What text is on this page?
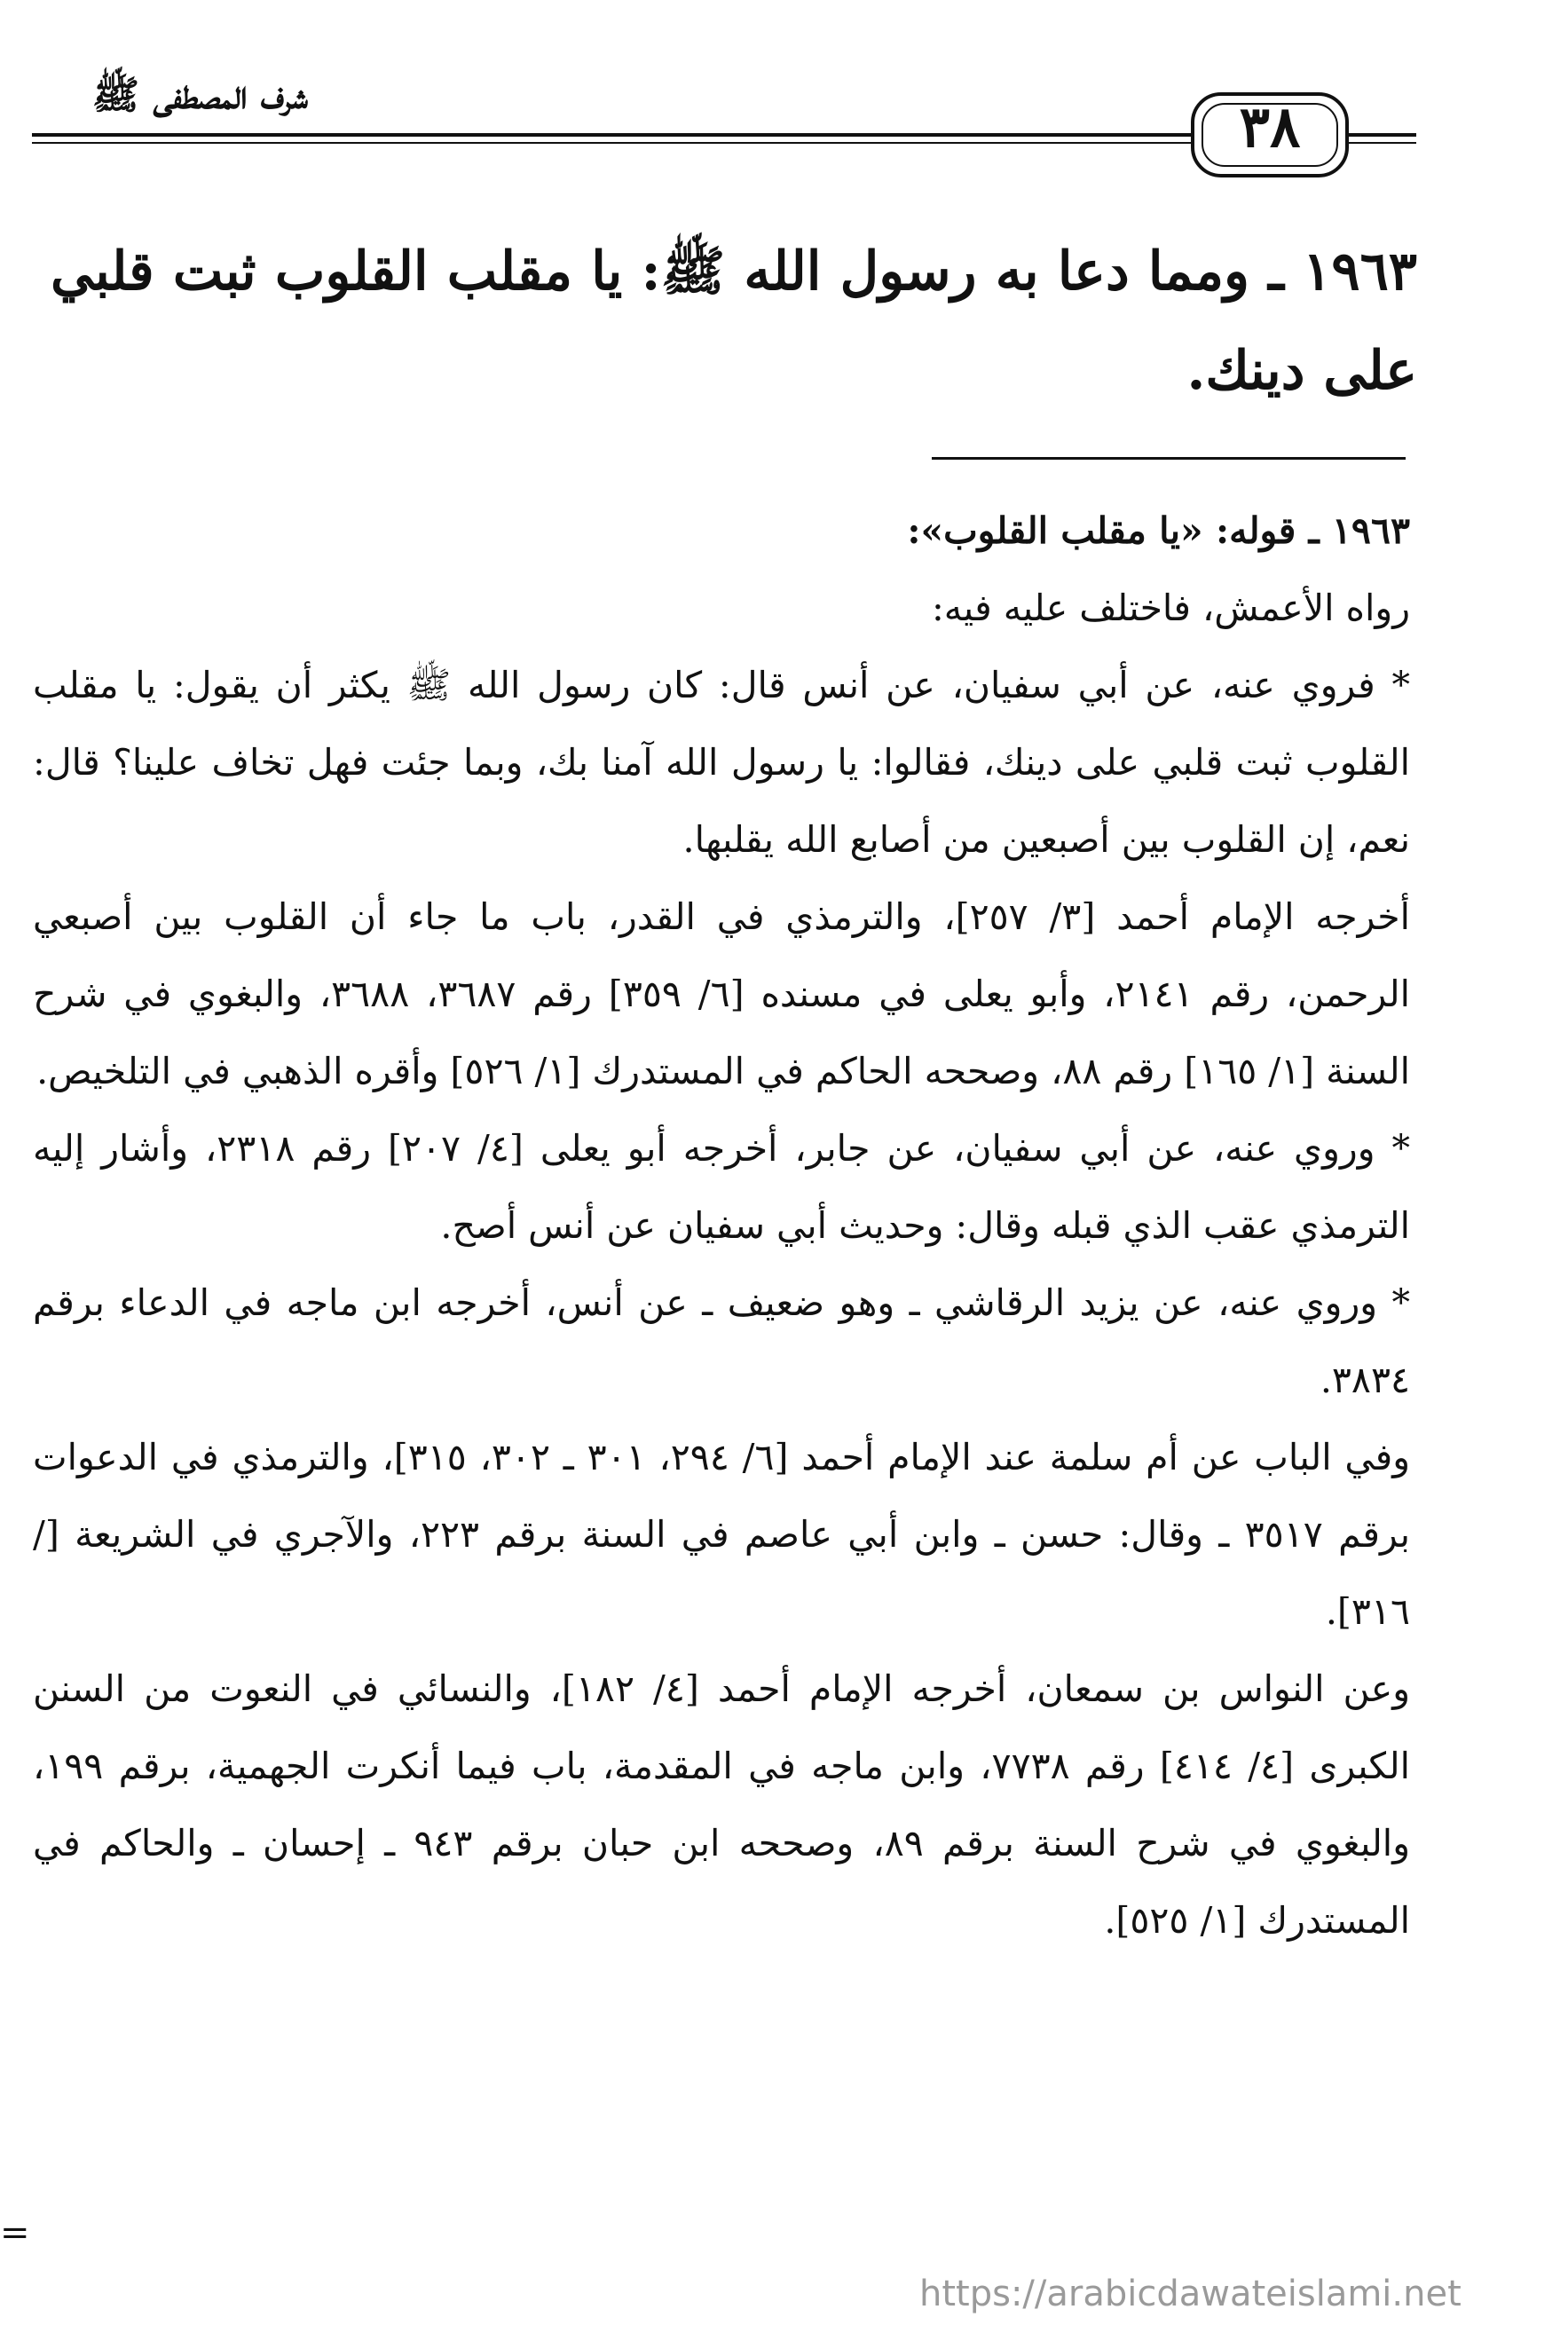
شرف المصطفى ﷺ	٣٨
١٩٦٣ ـ ومما دعا به رسول الله ﷺ: يا مقلب القلوب ثبت قلبي على دينك.

١٩٦٣ ـ قوله: «يا مقلب القلوب»:

رواه الأعمش، فاختلف عليه فيه:

* فروي عنه، عن أبي سفيان، عن أنس قال: كان رسول الله ﷺ يكثر أن يقول: يا مقلب القلوب ثبت قلبي على دينك، فقالوا: يا رسول الله آمنا بك، وبما جئت فهل تخاف علينا؟ قال: نعم، إن القلوب بين أصبعين من أصابع الله يقلبها.

أخرجه الإمام أحمد [٣/ ٢٥٧]، والترمذي في القدر، باب ما جاء أن القلوب بين أصبعي الرحمن، رقم ٢١٤١، وأبو يعلى في مسنده [٦/ ٣٥٩] رقم ٣٦٨٧، ٣٦٨٨، والبغوي في شرح السنة [١/ ١٦٥] رقم ٨٨، وصححه الحاكم في المستدرك [١/ ٥٢٦] وأقره الذهبي في التلخيص.

* وروي عنه، عن أبي سفيان، عن جابر، أخرجه أبو يعلى [٤/ ٢٠٧] رقم ٢٣١٨، وأشار إليه الترمذي عقب الذي قبله وقال: وحديث أبي سفيان عن أنس أصح.

* وروي عنه، عن يزيد الرقاشي ـ وهو ضعيف ـ عن أنس، أخرجه ابن ماجه في الدعاء برقم ٣٨٣٤.

وفي الباب عن أم سلمة عند الإمام أحمد [٦/ ٢٩٤، ٣٠١ ـ ٣٠٢، ٣١٥]، والترمذي في الدعوات برقم ٣٥١٧ ـ وقال: حسن ـ وابن أبي عاصم في السنة برقم ٢٢٣، والآجري في الشريعة [/ ٣١٦].

وعن النواس بن سمعان، أخرجه الإمام أحمد [٤/ ١٨٢]، والنسائي في النعوت من السنن الكبرى [٤/ ٤١٤] رقم ٧٧٣٨، وابن ماجه في المقدمة، باب فيما أنكرت الجهمية، برقم ١٩٩، والبغوي في شرح السنة برقم ٨٩، وصححه ابن حبان برقم ٩٤٣ ـ إحسان ـ والحاكم في المستدرك [١/ ٥٢٥].

=
https://arabicdawateislami.net
